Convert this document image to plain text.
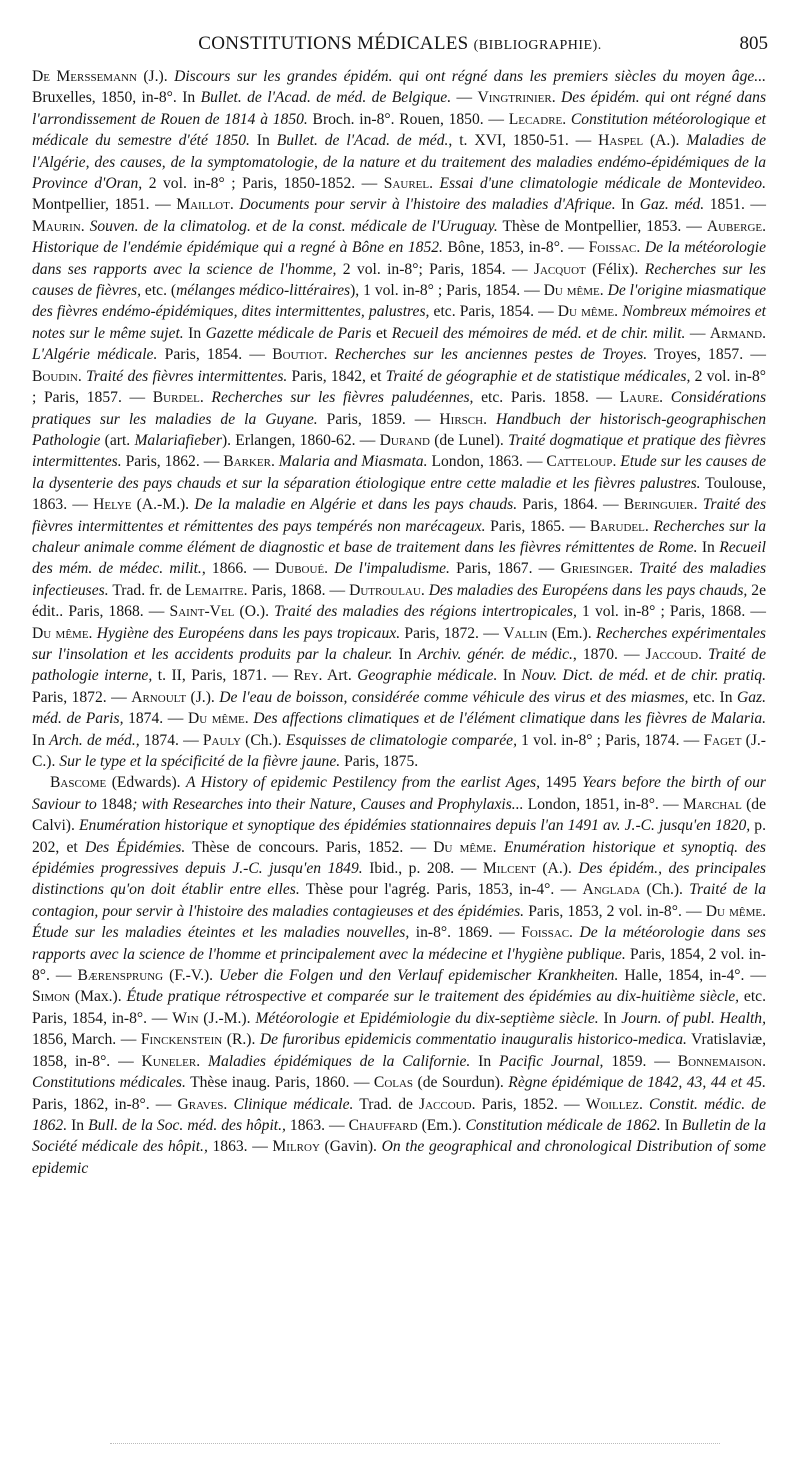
CONSTITUTIONS MÉDICALES (BIBLIOGRAPHIE).	805

De Merssemann (J.). Discours sur les grandes épidém. qui ont régné dans les premiers siècles du moyen âge... Bruxelles, 1850, in-8°. In Bullet. de l'Acad. de méd. de Belgique. — Vingtrinier. Des épidém. qui ont régné dans l'arrondissement de Rouen de 1814 à 1850. Broch. in-8°. Rouen, 1850. — Lecadre. Constitution météorologique et médicale du semestre d'été 1850. In Bullet. de l'Acad. de méd., t. XVI, 1850-51. — Haspel (A.). Maladies de l'Algérie, des causes, de la symptomatologie, de la nature et du traitement des maladies endémo-épidémiques de la Province d'Oran, 2 vol. in-8° ; Paris, 1850-1852. — Saurel. Essai d'une climatologie médicale de Montevideo. Montpellier, 1851. — Maillot. Documents pour servir à l'histoire des maladies d'Afrique. In Gaz. méd. 1851. — Maurin. Souven. de la climatolog. et de la const. médicale de l'Uruguay. Thèse de Montpellier, 1853. — Auberge. Historique de l'endémie épidémique qui a regné à Bône en 1852. Bône, 1853, in-8°. — Foissac. De la météorologie dans ses rapports avec la science de l'homme, 2 vol. in-8°; Paris, 1854. — Jacquot (Félix). Recherches sur les causes de fièvres, etc. (mélanges médico-littéraires), 1 vol. in-8° ; Paris, 1854. — Du même. De l'origine miasmatique des fièvres endémo-épidémiques, dites intermittentes, palustres, etc. Paris, 1854. — Du même. Nombreux mémoires et notes sur le même sujet. In Gazette médicale de Paris et Recueil des mémoires de méd. et de chir. milit. — Armand. L'Algérie médicale. Paris, 1854. — Boutiot. Recherches sur les anciennes pestes de Troyes. Troyes, 1857. — Boudin. Traité des fièvres intermittentes. Paris, 1842, et Traité de géographie et de statistique médicales, 2 vol. in-8° ; Paris, 1857. — Burdel. Recherches sur les fièvres paludéennes, etc. Paris. 1858. — Laure. Considérations pratiques sur les maladies de la Guyane. Paris, 1859. — Hirsch. Handbuch der historisch-geographischen Pathologie (art. Malariafieber). Erlangen, 1860-62. — Durand (de Lunel). Traité dogmatique et pratique des fièvres intermittentes. Paris, 1862. — Barker. Malaria and Miasmata. London, 1863. — Catteloup. Etude sur les causes de la dysenterie des pays chauds et sur la séparation étiologique entre cette maladie et les fièvres palustres. Toulouse, 1863. — Helye (A.-M.). De la maladie en Algérie et dans les pays chauds. Paris, 1864. — Beringuier. Traité des fièvres intermittentes et rémittentes des pays tempérés non marécageux. Paris, 1865. — Barudel. Recherches sur la chaleur animale comme élément de diagnostic et base de traitement dans les fièvres rémittentes de Rome. In Recueil des mém. de médec. milit., 1866. — Duboué. De l'impaludisme. Paris, 1867. — Griesinger. Traité des maladies infectieuses. Trad. fr. de Lemaitre. Paris, 1868. — Dutroulau. Des maladies des Européens dans les pays chauds, 2e édit.. Paris, 1868. — Saint-Vel (O.). Traité des maladies des régions intertropicales, 1 vol. in-8° ; Paris, 1868. — Du même. Hygiène des Européens dans les pays tropicaux. Paris, 1872. — Vallin (Em.). Recherches expérimentales sur l'insolation et les accidents produits par la chaleur. In Archiv. génér. de médic., 1870. — Jaccoud. Traité de pathologie interne, t. II, Paris, 1871. — Rey. Art. Geographie médicale. In Nouv. Dict. de méd. et de chir. pratiq. Paris, 1872. — Arnoult (J.). De l'eau de boisson, considérée comme véhicule des virus et des miasmes, etc. In Gaz. méd. de Paris, 1874. — Du même. Des affections climatiques et de l'élément climatique dans les fièvres de Malaria. In Arch. de méd., 1874. — Pauly (Ch.). Esquisses de climatologie comparée, 1 vol. in-8° ; Paris, 1874. — Faget (J.-C.). Sur le type et la spécificité de la fièvre jaune. Paris, 1875.

Bascome (Edwards). A History of epidemic Pestilency from the earlist Ages, 1495 Years before the birth of our Saviour to 1848; with Researches into their Nature, Causes and Prophylaxis... London, 1851, in-8°. — Marchal (de Calvi). Enumération historique et synoptique des épidémies stationnaires depuis l'an 1491 av. J.-C. jusqu'en 1820, p. 202, et Des Épidémies. Thèse de concours. Paris, 1852. — Du même. Enumération historique et synoptiq. des épidémies progressives depuis J.-C. jusqu'en 1849. Ibid., p. 208. — Milcent (A.). Des épidém., des principales distinctions qu'on doit établir entre elles. Thèse pour l'agrég. Paris, 1853, in-4°. — Anglada (Ch.). Traité de la contagion, pour servir à l'histoire des maladies contagieuses et des épidémies. Paris, 1853, 2 vol. in-8°. — Du même. Étude sur les maladies éteintes et les maladies nouvelles, in-8°. 1869. — Foissac. De la météorologie dans ses rapports avec la science de l'homme et principalement avec la médecine et l'hygiène publique. Paris, 1854, 2 vol. in-8°. — Bærensprung (F.-V.). Ueber die Folgen und den Verlauf epidemischer Krankheiten. Halle, 1854, in-4°. — Simon (Max.). Étude pratique rétrospective et comparée sur le traitement des épidémies au dix-huitième siècle, etc. Paris, 1854, in-8°. — Win (J.-M.). Météorologie et Epidémiologie du dix-septième siècle. In Journ. of publ. Health, 1856, March. — Finckenstein (R.). De furoribus epidemicis commentatio inauguralis historico-medica. Vratislaviæ, 1858, in-8°. — Kuneler. Maladies épidémiques de la Californie. In Pacific Journal, 1859. — Bonnemaison. Constitutions médicales. Thèse inaug. Paris, 1860. — Colas (de Sourdun). Règne épidémique de 1842, 43, 44 et 45. Paris, 1862, in-8°. — Graves. Clinique médicale. Trad. de Jaccoud. Paris, 1852. — Woillez. Constit. médic. de 1862. In Bull. de la Soc. méd. des hôpit., 1863. — Chauffard (Em.). Constitution médicale de 1862. In Bulletin de la Société médicale des hôpit., 1863. — Milroy (Gavin). On the geographical and chronological Distribution of some epidemic
